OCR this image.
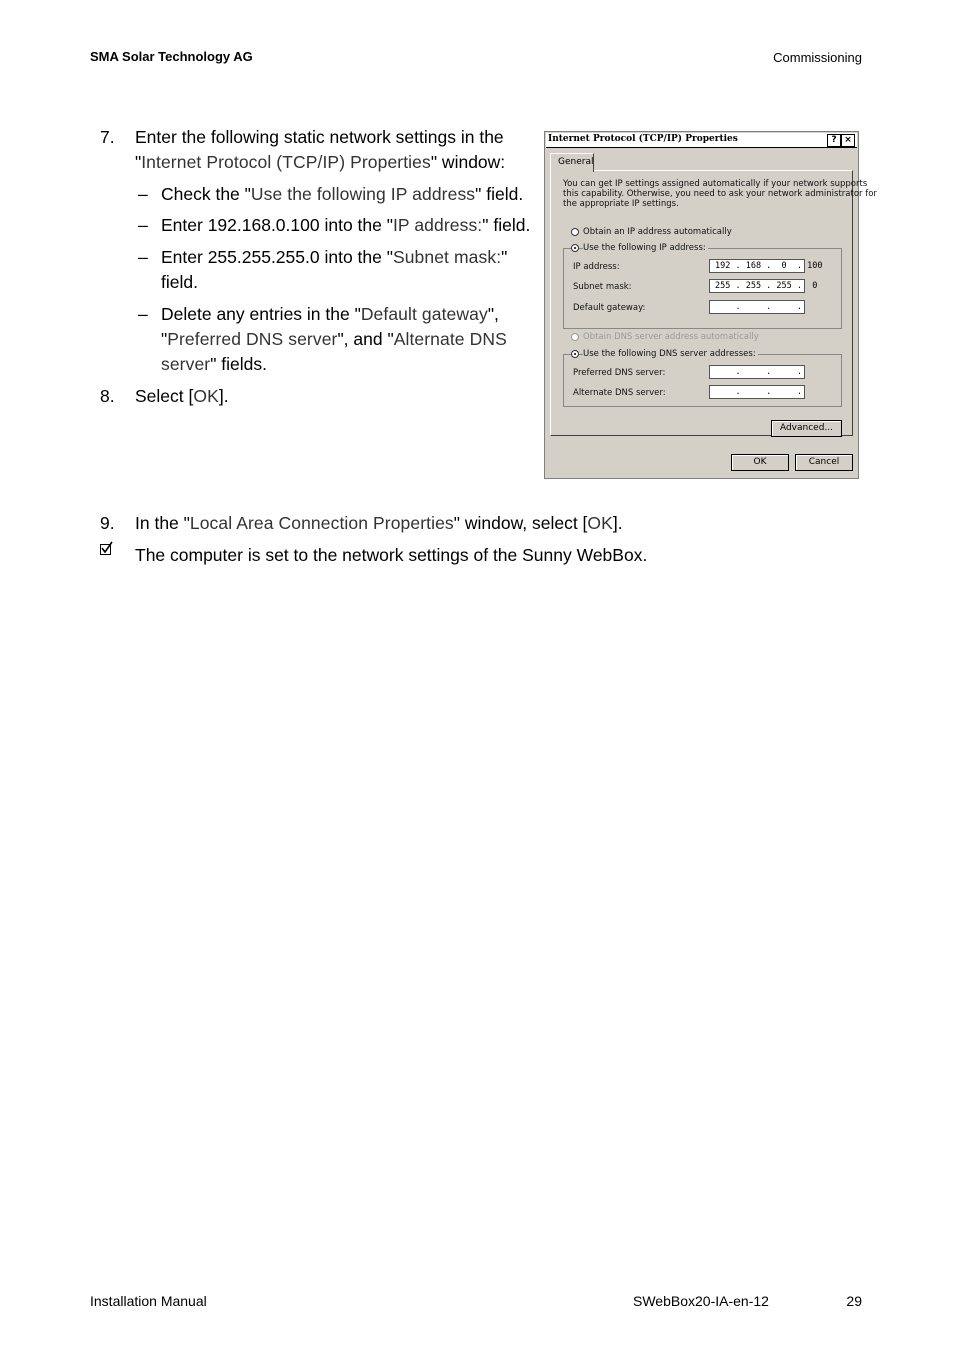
SMA Solar Technology AG	Commissioning
7. Enter the following static network settings in the
"Internet Protocol (TCP/IP) Properties" window:
– Check the "Use the following IP address" field.
– Enter 192.168.0.100 into the "IP address:" field.
– Enter 255.255.255.0 into the "Subnet mask:"
field.
– Delete any entries in the "Default gateway",
"Preferred DNS server", and "Alternate DNS
server" fields.
8. Select [OK].
Internet Protocol (TCP/IP) Properties	? ×
General
You can get IP settings assigned automatically if your network supports
this capability. Otherwise, you need to ask your network administrator for
the appropriate IP settings.
Obtain an IP address automatically
Use the following IP address:
IP address:	192 . 168 .  0  . 100
Subnet mask:	255 . 255 . 255 .  0
Default gateway:	.     .     .
Obtain DNS server address automatically
Use the following DNS server addresses:
Preferred DNS server:	.     .     .
Alternate DNS server:	.     .     .
Advanced...
OK	Cancel
9. In the "Local Area Connection Properties" window, select [OK].
The computer is set to the network settings of the Sunny WebBox.
Installation Manual	SWebBox20-IA-en-12	29
